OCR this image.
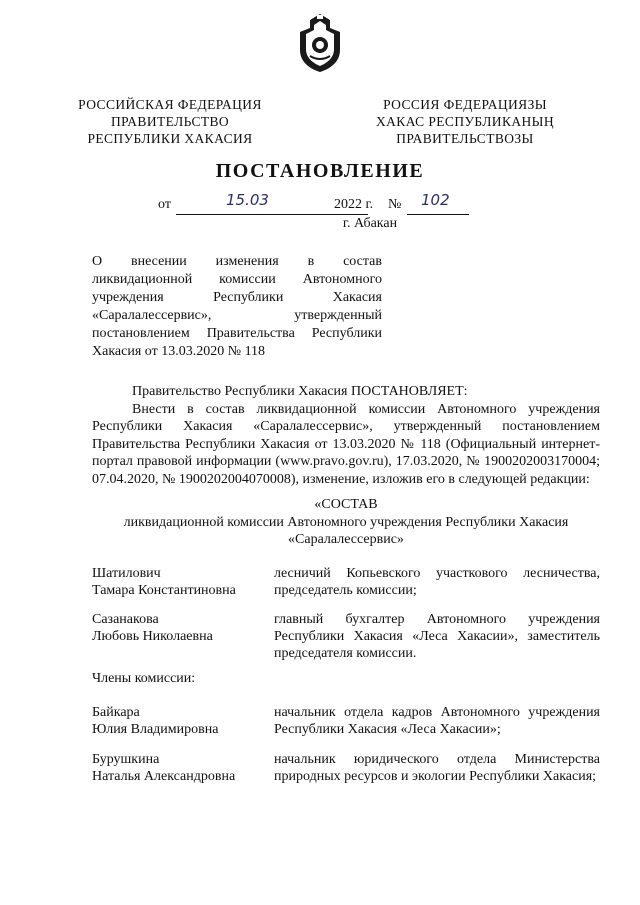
РОССИЙСКАЯ ФЕДЕРАЦИЯ
ПРАВИТЕЛЬСТВО
РЕСПУБЛИКИ ХАКАСИЯ
РОССИЯ ФЕДЕРАЦИЯЗЫ
ХАКАС РЕСПУБЛИКАНЫҢ
ПРАВИТЕЛЬСТВОЗЫ
ПОСТАНОВЛЕНИЕ
от	15.03	2022 г. № 102
г. Абакан
О внесении изменения в состав ликвидационной комиссии Автономного учреждения Республики Хакасия «Саралалессервис», утвержденный постановлением Правительства Республики Хакасия от 13.03.2020 № 118

Правительство Республики Хакасия ПОСТАНОВЛЯЕТ:

Внести в состав ликвидационной комиссии Автономного учреждения Республики Хакасия «Саралалессервис», утвержденный постановлением Правительства Республики Хакасия от 13.03.2020 № 118 (Официальный интернет-портал правовой информации (www.pravo.gov.ru), 17.03.2020, № 1900202003170004; 07.04.2020, № 1900202004070008), изменение, изложив его в следующей редакции:

«СОСТАВ
ликвидационной комиссии Автономного учреждения Республики Хакасия
«Саралалессервис»
Шатилович
Тамара Константиновна
лесничий Копьевского участкового лесничества, председатель комиссии;
Сазанакова
Любовь Николаевна
главный бухгалтер Автономного учреждения Республики Хакасия «Леса Хакасии», заместитель председателя комиссии.
Члены комиссии:
Байкара
Юлия Владимировна
начальник отдела кадров Автономного учреждения Республики Хакасия «Леса Хакасии»;
Бурушкина
Наталья Александровна
начальник юридического отдела Министерства природных ресурсов и экологии Республики Хакасия;
